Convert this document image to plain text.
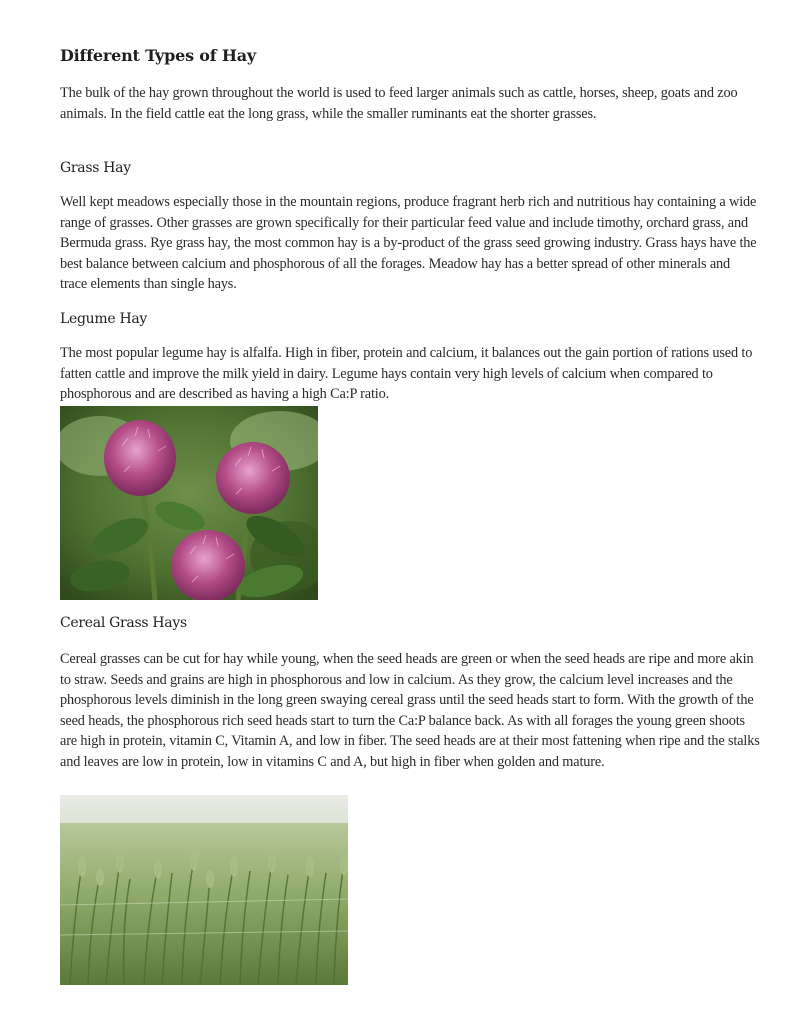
Different Types of Hay

The bulk of the hay grown throughout the world is used to feed larger animals such as cattle, horses, sheep, goats and zoo animals. In the field cattle eat the long grass, while the smaller ruminants eat the shorter grasses.

Grass Hay

Well kept meadows especially those in the mountain regions, produce fragrant herb rich and nutritious hay containing a wide range of grasses. Other grasses are grown specifically for their particular feed value and include timothy, orchard grass, and Bermuda grass. Rye grass hay, the most common hay is a by-product of the grass seed growing industry. Grass hays have the best balance between calcium and phosphorous of all the forages. Meadow hay has a better spread of other minerals and trace elements than single hays.

Legume Hay

The most popular legume hay is alfalfa. High in fiber, protein and calcium, it balances out the gain portion of rations used to fatten cattle and improve the milk yield in dairy. Legume hays contain very high levels of calcium when compared to phosphorous and are described as having a high Ca:P ratio.

Cereal Grass Hays

Cereal grasses can be cut for hay while young, when the seed heads are green or when the seed heads are ripe and more akin to straw. Seeds and grains are high in phosphorous and low in calcium. As they grow, the calcium level increases and the phosphorous levels diminish in the long green swaying cereal grass until the seed heads start to form. With the growth of the seed heads, the phosphorous rich seed heads start to turn the Ca:P balance back. As with all forages the young green shoots are high in protein, vitamin C, Vitamin A, and low in fiber. The seed heads are at their most fattening when ripe and the stalks and leaves are low in protein, low in vitamins C and A, but high in fiber when golden and mature.
